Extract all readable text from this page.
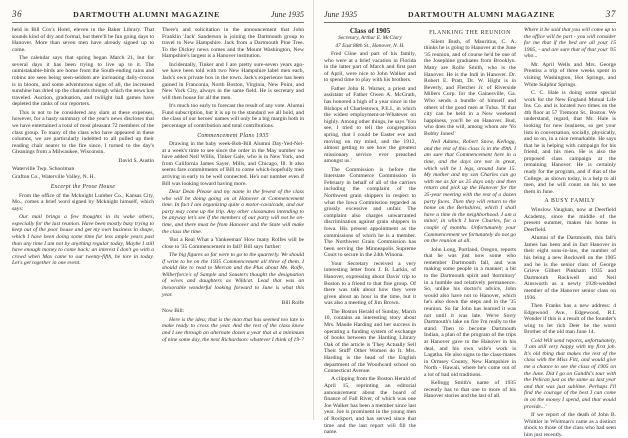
36	DARTMOUTH ALUMNI MAGAZINE	June 1935

held in Bill Cox's Hotel, eleven in the Baker Library. That sounds kind of dry and formal, but there'll be fun going days to Hanover. More than seven men have already signed up to come.

The calendar says that spring began March 21, but for several days it has been trying to live up to it. The unmistakable-birds are home from the South-ending rains and robins are seen being seen-seldom are increasing daily-crocus is in bloom, and some adventurous signs of all, the increased sunshine has dried up the channels through which the news has traveled. Auction, graduation, and twilight ball games have depleted the ranks of our reporters.

This is not to be considered any slam at these expenses, however, for a hasty summary of the year's news discloses that we have entertained a total of most pleasant 72 members of the class group. To many of the class who have appeared in these columns, we are particularly indebted to all pulled up their reading chair nearer to the fire since, I turned to the day's Gleanings from a Milwaukee, Wisconsin.

David S. Austin

Waterville Twp. Schoolman

Grafton Co., Waterville Valley, N. H.

Excerpt the Prose House

From the office of the Mcknight Lumber Co., Kansas City, Mo., comes a brief word signed by Mcknight himself, which says:

Our mail brings a few thoughts in its wake others, especially for the last reunion. Have been mostly busy trying to keep out of the poor house and get my own business in shape, which I have been doing some time for less ample years past than any time I am not by anything regular today, Maybe I still have enough money to come back; an interest I don't go with a crowd when Max came to our twenty-fifth, he tore in today. Let's get together in one event.

There's and solicitation in the announcement that John Franklin 'Jack' Sanderson is joining the Dartmouth group to travel to New Hampshire. Jack from a Dartmouth Pine Tree. To the Dickey news comes and the Mount Washington, New Hampshire's largest is a Hanover institution.

Incidentally, Tinker and I are pretty sure-seven years ago-we have been told with two New Hampshire label men each, Jack's own private box in the town. Jack's experience has been gained in Franconia, North Boston, Virginia, New Point, and New York City, always in the same field. He is secretary and will then house for all the men.

It's much too early to forecast the result of any vote. Alumni Fund subscription, but it is up to the standard we all hold, and the class of our heroes' names will only be a big margin both in percentage of contribution and total contributions.

Commencement Plans 1935

Drawing in the baby week-Bob-Bill Alumni Day-Yed-Nel-at a week's time to see since the order in the May number we have added Neil Willis, Tinker Gale, who is in New York, and from California James Sayer, Mills, and Chicago, Ill. It also seems fare commitments of Bill to come which-hopefully men arriving in early to be well connected. He's our number even if Bill was looking toward having more.

Dear Dean Please and my name in the fewest of the class who will be doing going on at Hanover at Commencement time. In fact I am organizing quite a motor-cavalcade, and our party may come up the trip. Any other classmates intending to be anyway let's see if the members of our party will not be on-time, and there must be from Hanover and the State will make the class the time.

'But a Real What a Yankeeman' How many Rolfes will be close to '35 Commencement in fall? Bill says further:

The big figures so far were to go to the quarterly. We should if write to be on the 1935 Commencement all three of them. I should like to read to Mercan and the Plus about Me. Rolfe, Wilberforce's of Sample and Sousters thought the designation of wives and daughters as Wildcat. Lead that was an inexorable wonderful looking forward to June is what this year.

Bill Rolfe

Now Bill:

Here is the idea; that is the man that has seemed too late to make ready to cross the year. And the rest of the class know and I see through an alternate dozen a year that at a minimum of nine some day, the next Richardson: whatever I think of 19-?

June 1935	DARTMOUTH ALUMNI MAGAZINE	37
Class of 1905
Secretary, Arthur E. McClary
47 East 88th St., Hanover, N. H.

Fred Cline and part of his family, who were at a brief vacation in Florida in the latter part of March and first part of April, were nice to John Walker and to spend time to play with his brothers.

Father John R. Warner, a priest and assistant of Father Owen A. McGrath, has honored a high of a year since in the Bishops of Charlestown, P.E.I., in which the widest employment-at-Whatever on highly. Among other things, he says 'You see, I tried to tell the congregation spring, that I could be Easter eve and moving on my mind, and the 1912, almost getting to see how the greatest missionary service ever preached amongst us.'

The Commission is before the Interstate Commerce Commission in February in behalf of all of the carriers including the complaint of the Northwest grain shippers in respect to what the Iowa Commission regarded as grossly excessive and unfair. The complaint also charges unwarranted discrimination against grain shippers in Iowa. His present appointment as the commissions of which he is a member. The Northwest Grain Commission has been serving the Minneapolis Supreme Court to secure in the 24th Winona.

Your Secretary received a very interesting letter from J. B. Larkin, of Hanover, expressing about Davis' trip to Boston to a friend to that fine group. Of there was talk about how they were given about an hour in the time, but it was also a meeting of Jim Brown.

The Boston Herald of Sunday, March 10, contains an interesting story about Mrs. Maude Harding and her success in operating a funding system of exchange of books between the Harding Library Oak of the article is 'They Actually Sell Their Stuff' Other Women do It. Mrs. Harding is the head of the English department of the Woodward school on Connecticut Avenue.

A clipping from the Boston Herald of April 15, reprinting an editorial announcement about the board of finance of Fall River, of which was one Joe Walker has been a member since last year. Joe is prominent in the young men of Rockport, and has served since that time and the last report will fill the name.

FLANKING THE REUNION

Silent Bush, of Mauritius, C. A. thinks he is going to Hanover at the June '35 reunion, and of course he'd be one of the Josephine graduates from Brooklyn. Many are Rollo Smith, who is the Hanover. He is the Indi in Hanover. Dr. Robert E. Pratt, Dr. W. Hight is in Beverly, and Fletcher Jr. of Riverside Millers Corp. for the Gainesville, Ga. Who sends a bundle of himself and others of the good men at Tulsa. 'If that city can be held in a New weekend happiness, you'll be on Hanover. Bud, who does the will, among whom are 'Yo Bobby Jones!'

Neil Adams, Robert Snow, Kellogg, and the rest of this class is in the 49th. I am sure that Commencement here in a time, and the days are not in great, which will be 1 legs, around June 15. My mother and my son Charles can go with me as far as 25 days only and then return and pick up the Hanover for the 35-year meeting with the rest of a dozen party faces. Then they will return to the home on the Berkshires, which I shall have a time in the neighborhood. I am a minor, in which I have Charles, for a couple of months. Unfortunately your Commencement we fortunately do not go on the reunion at all.

John Long, Portland, Oregon, reports that he was just now some who remember Dartmouth fall, and was making some people in a manner; a bit to the Dartmouth spirit and 'dormitory' in a humble and relatively permanence. So, unlike his doctor's advice, John would also have not to Hanover, which he's also down the steps and in the '35 reunion. So far John has learned it was not until it was late. We're Sorry Dartmouth's lake on fire I'm really to the stand. Then to become Dartmouth Indian, a plan of the program of the trips at Hanover gave to the Hanover in his deal, and his own wife's work is Lagatha. He also signs to the class-mates in Ormsey County, New Hampshire in North - Hawaii, where he's come out of a lot of bad old traditions.

Kellogg Smith's name of 1935 recently has to that one to more of his Hanover stories and the last of all.

Where it be said that you will come up to the office will be part - you will consider for me that if the bed are all your 15 1905, - and are sure that of that your '05 who...

Mr. April Wells and Mrs. George Prentiss a trip of three weeks spent in visiting Washington, Hot Springs, and White Sulphur Springs.

C. C. Hale is doing some special work for the New England Mutual Life Ins. Co. and is located two times on the 4th floor at 57 Tremont St., Boston. We understand, regard, that Mr. Hale is looking for new business, so get your lists in conversation, socially, physically, and so on, in a nice remarkable. He says that he is helping with campaign for his friend, and his men. He is also the proposed class campaign at the remaining Hanover. He is certainly ready for the program, and if that of the College, as shown today, is a help to all men, and he will count on his to see them in June.

A BUSY FAMILY

Winslow Vaughan, now at Deerfield Academy, since the middle of the present summer, makes his home in Deerfield.

Alumni of the Dartmouth, this fall's James has been and in fact Hanover in their eight sons-in-law, the number of his being a new Rockwell on the 1905 and he is the senior class of George Grieve Gilbert Pinkham 1935 and Dartmouth Rockwell and Neil Ainsworth as a newly 1928-wedded member of the Hanover senior class on 1936.

Then Franks has a new address: 4 Edgewood Ave., Edgewood, R.I. Wonder if this is a result of the founder's wing to let rich Deer be the worst Brother of the old man June 14.

Cold Will send reports, unfortunately, 'I am still very happy with my first job. It's old thing that makes the rest of the class with the Miss Fitz, and would give me a chance to see the class of 1905 on the June. Did I go on Gandhi's tour with the Pelican just as the same as last year and that was just sublime. Perhaps I'll find the courage of the best I can come in on the money I spend, and that would provide...'

If we report of the death of John B. Whittier in Whitman's came as a distinct shock to those of the class who had seen him just recently.
